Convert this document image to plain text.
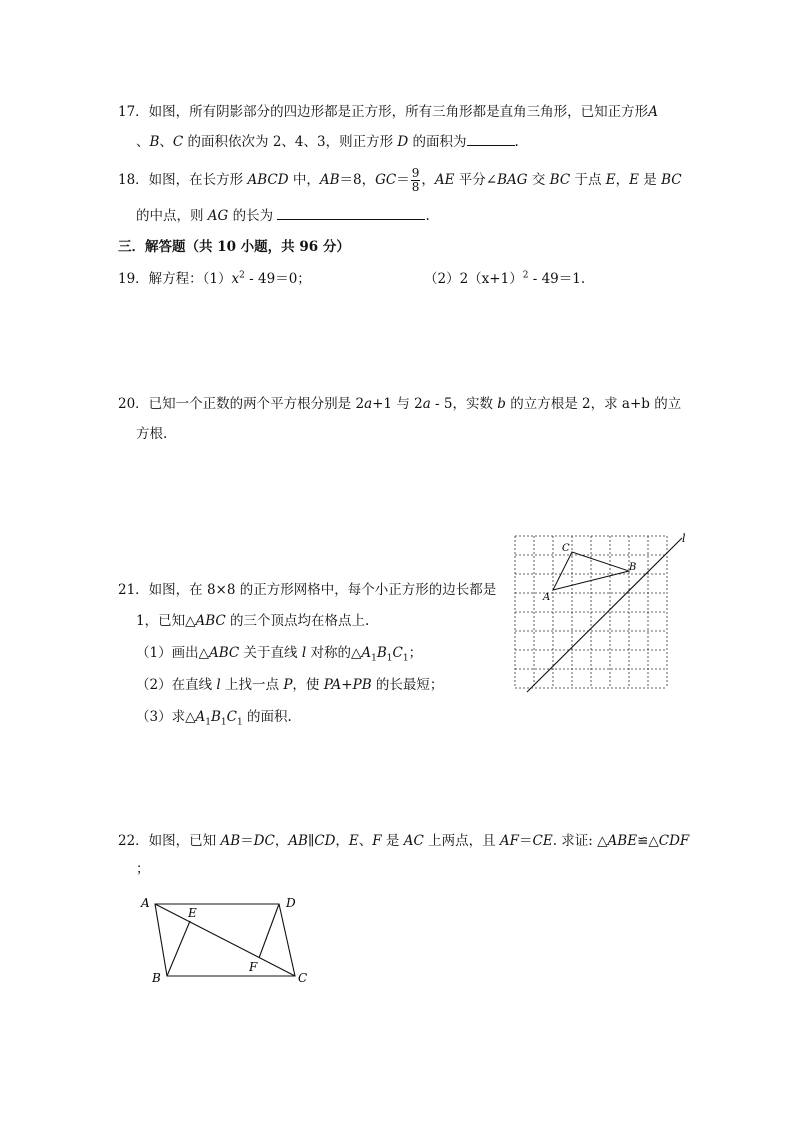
17．如图，所有阴影部分的四边形都是正方形，所有三角形都是直角三角形，已知正方形A
、B、C 的面积依次为 2、4、3，则正方形 D 的面积为	.
18．如图，在长方形 ABCD 中，AB＝8，$GC= \frac{9}{8}$ ，AE 平分∠BAG 交 BC 于点 E，E 是 BC
的中点，则 AG 的长为	.
三．解答题（共 10 小题，共 96 分）
19．解方程：$(1)x^2 - 49=0$；	$(2)2(x+1)^2 - 49=1$.
20．已知一个正数的两个平方根分别是 2a+1 与 2a - 5，实数 b 的立方根是 2，求 a+b 的立
方根.
21．如图，在 8×8 的正方形网格中，每个小正方形的边长都是
1，已知△ABC 的三个顶点均在格点上.
（1）画出△ABC 关于直线 l 对称的$\triangle A_1B_1C_1$；
（2）在直线 l 上找一点 P，使 PA+PB 的长最短；
（3）求$\triangle A_1B_1C_1$ 的面积.
C
B
A
l
22．如图，已知 AB＝DC，AB∥CD，E、F 是 AC 上两点，且 AF＝CE. 求证: △ABE≌△CDF
；
A	D
E
F
B	C
